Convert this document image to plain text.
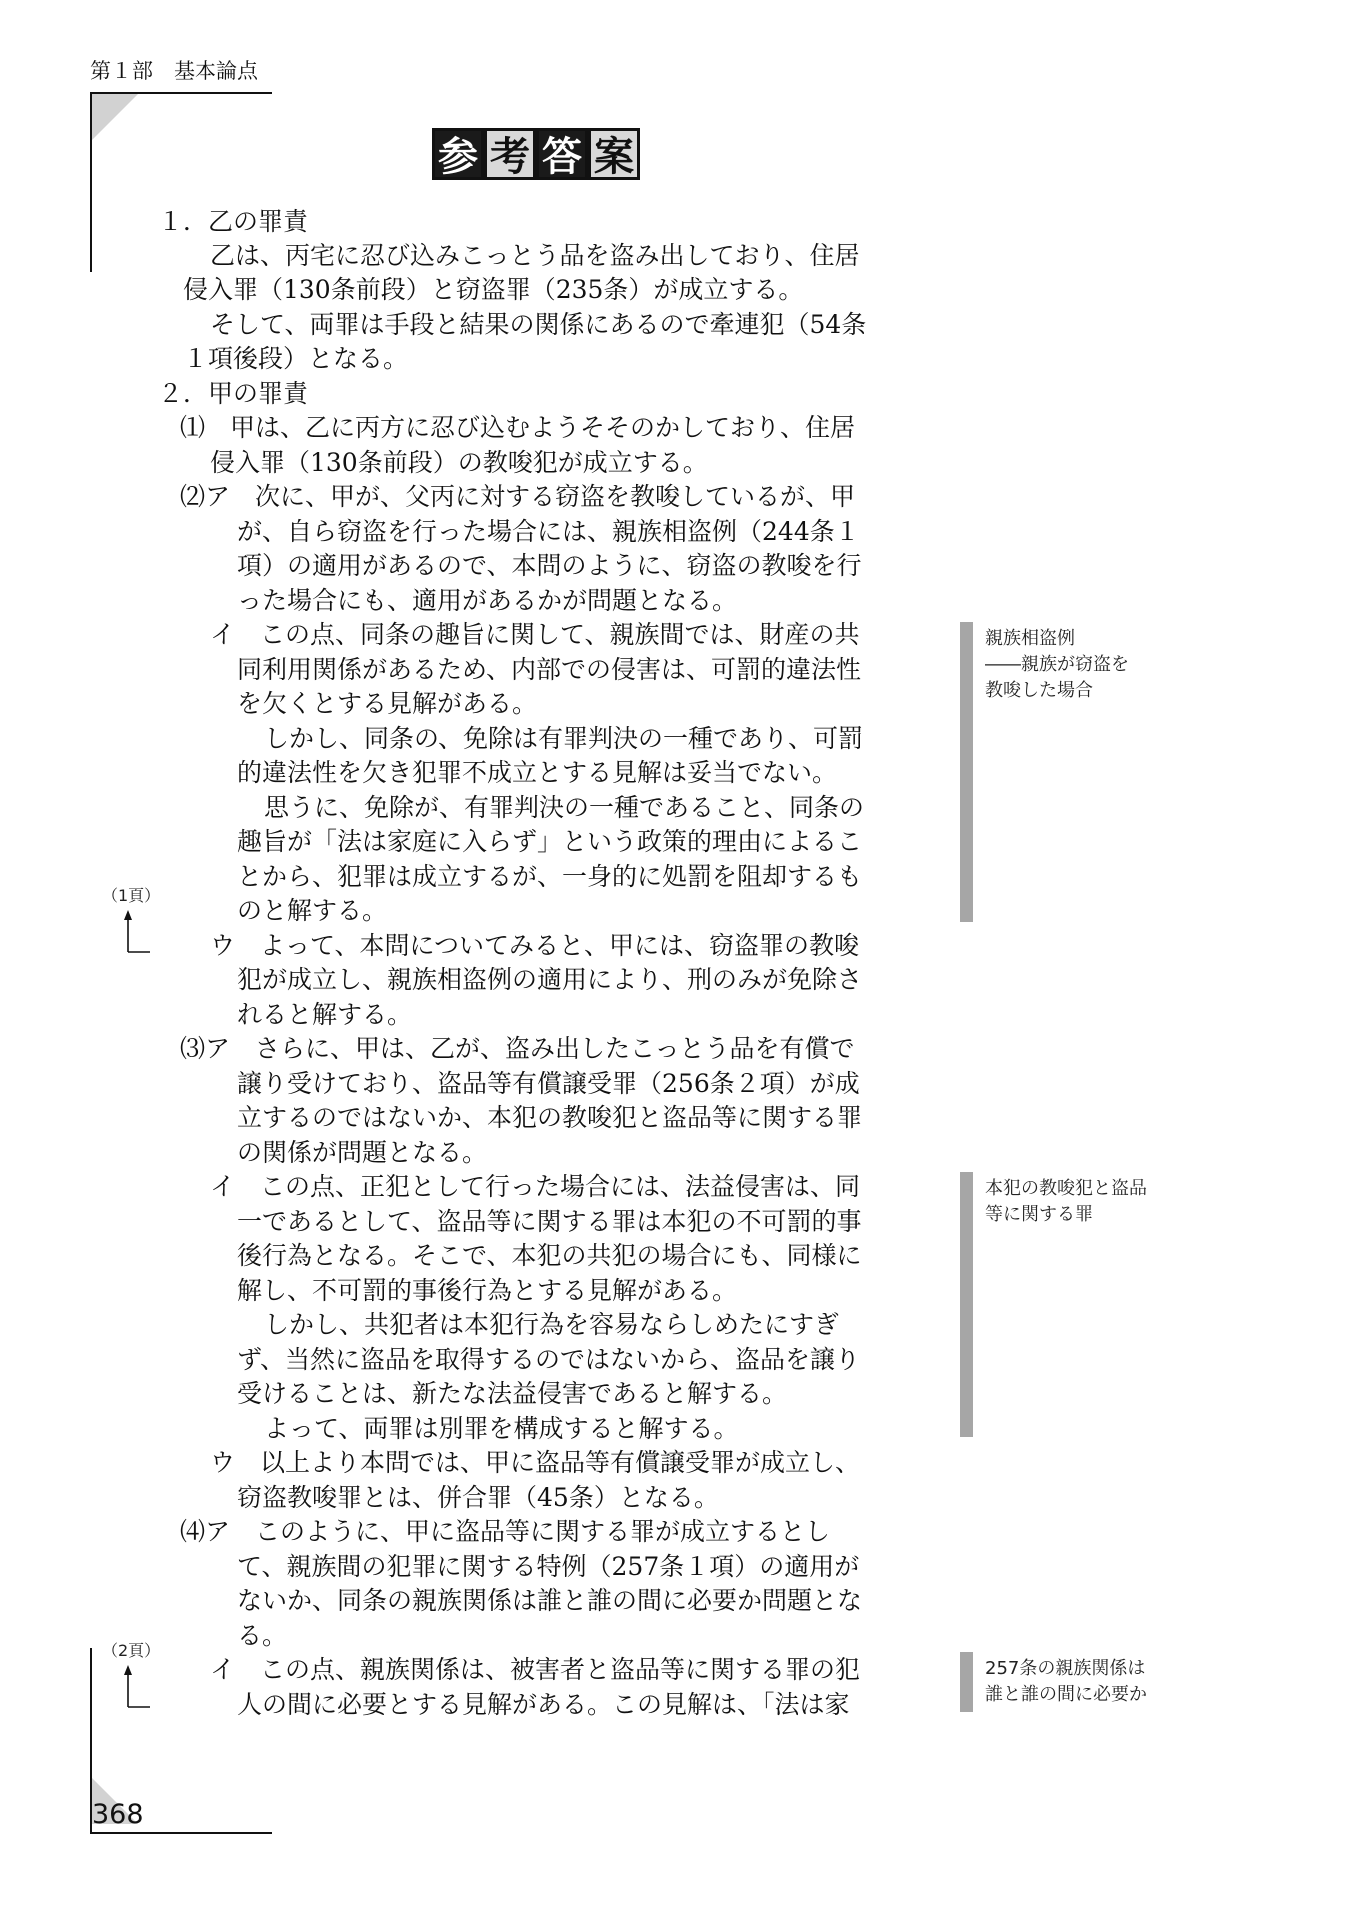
第１部　 基本論点
参 考 答 案
１．乙の罪責
乙は、丙宅に忍び込みこっとう品を盗み出しており、住居
侵入罪（130条前段）と窃盗罪（235条）が成立する。
そして、両罪は手段と結果の関係にあるので牽連犯（54条
１項後段）となる。
２．甲の罪責
⑴　甲は、乙に丙方に忍び込むようそそのかしており、住居
侵入罪（130条前段）の教唆犯が成立する。
⑵ア　次に、甲が、父丙に対する窃盗を教唆しているが、甲
が、自ら窃盗を行った場合には、親族相盗例（244条１
項）の適用があるので、本問のように、窃盗の教唆を行
った場合にも、適用があるかが問題となる。
イ　この点、同条の趣旨に関して、親族間では、財産の共
同利用関係があるため、内部での侵害は、可罰的違法性
を欠くとする見解がある。
しかし、同条の、免除は有罪判決の一種であり、可罰
的違法性を欠き犯罪不成立とする見解は妥当でない。
思うに、免除が、有罪判決の一種であること、同条の
趣旨が「法は家庭に入らず」という政策的理由によるこ
とから、犯罪は成立するが、一身的に処罰を阻却するも
のと解する。
ウ　よって、本問についてみると、甲には、窃盗罪の教唆
犯が成立し、親族相盗例の適用により、刑のみが免除さ
れると解する。
⑶ア　さらに、甲は、乙が、盗み出したこっとう品を有償で
譲り受けており、盗品等有償譲受罪（256条２項）が成
立するのではないか、本犯の教唆犯と盗品等に関する罪
の関係が問題となる。
イ　この点、正犯として行った場合には、法益侵害は、同
一であるとして、盗品等に関する罪は本犯の不可罰的事
後行為となる。そこで、本犯の共犯の場合にも、同様に
解し、不可罰的事後行為とする見解がある。
しかし、共犯者は本犯行為を容易ならしめたにすぎ
ず、当然に盗品を取得するのではないから、盗品を譲り
受けることは、新たな法益侵害であると解する。
よって、両罪は別罪を構成すると解する。
ウ　以上より本問では、甲に盗品等有償譲受罪が成立し、
窃盗教唆罪とは、併合罪（45条）となる。
⑷ア　このように、甲に盗品等に関する罪が成立するとし
て、親族間の犯罪に関する特例（257条１項）の適用が
ないか、同条の親族関係は誰と誰の間に必要か問題とな
る。
イ　この点、親族関係は、被害者と盗品等に関する罪の犯
人の間に必要とする見解がある。この見解は、「法は家
親族相盗例
――親族が窃盗を
教唆した場合
本犯の教唆犯と盗品
等に関する罪
257条の親族関係は
誰と誰の間に必要か
（1頁）
（2頁）
368
